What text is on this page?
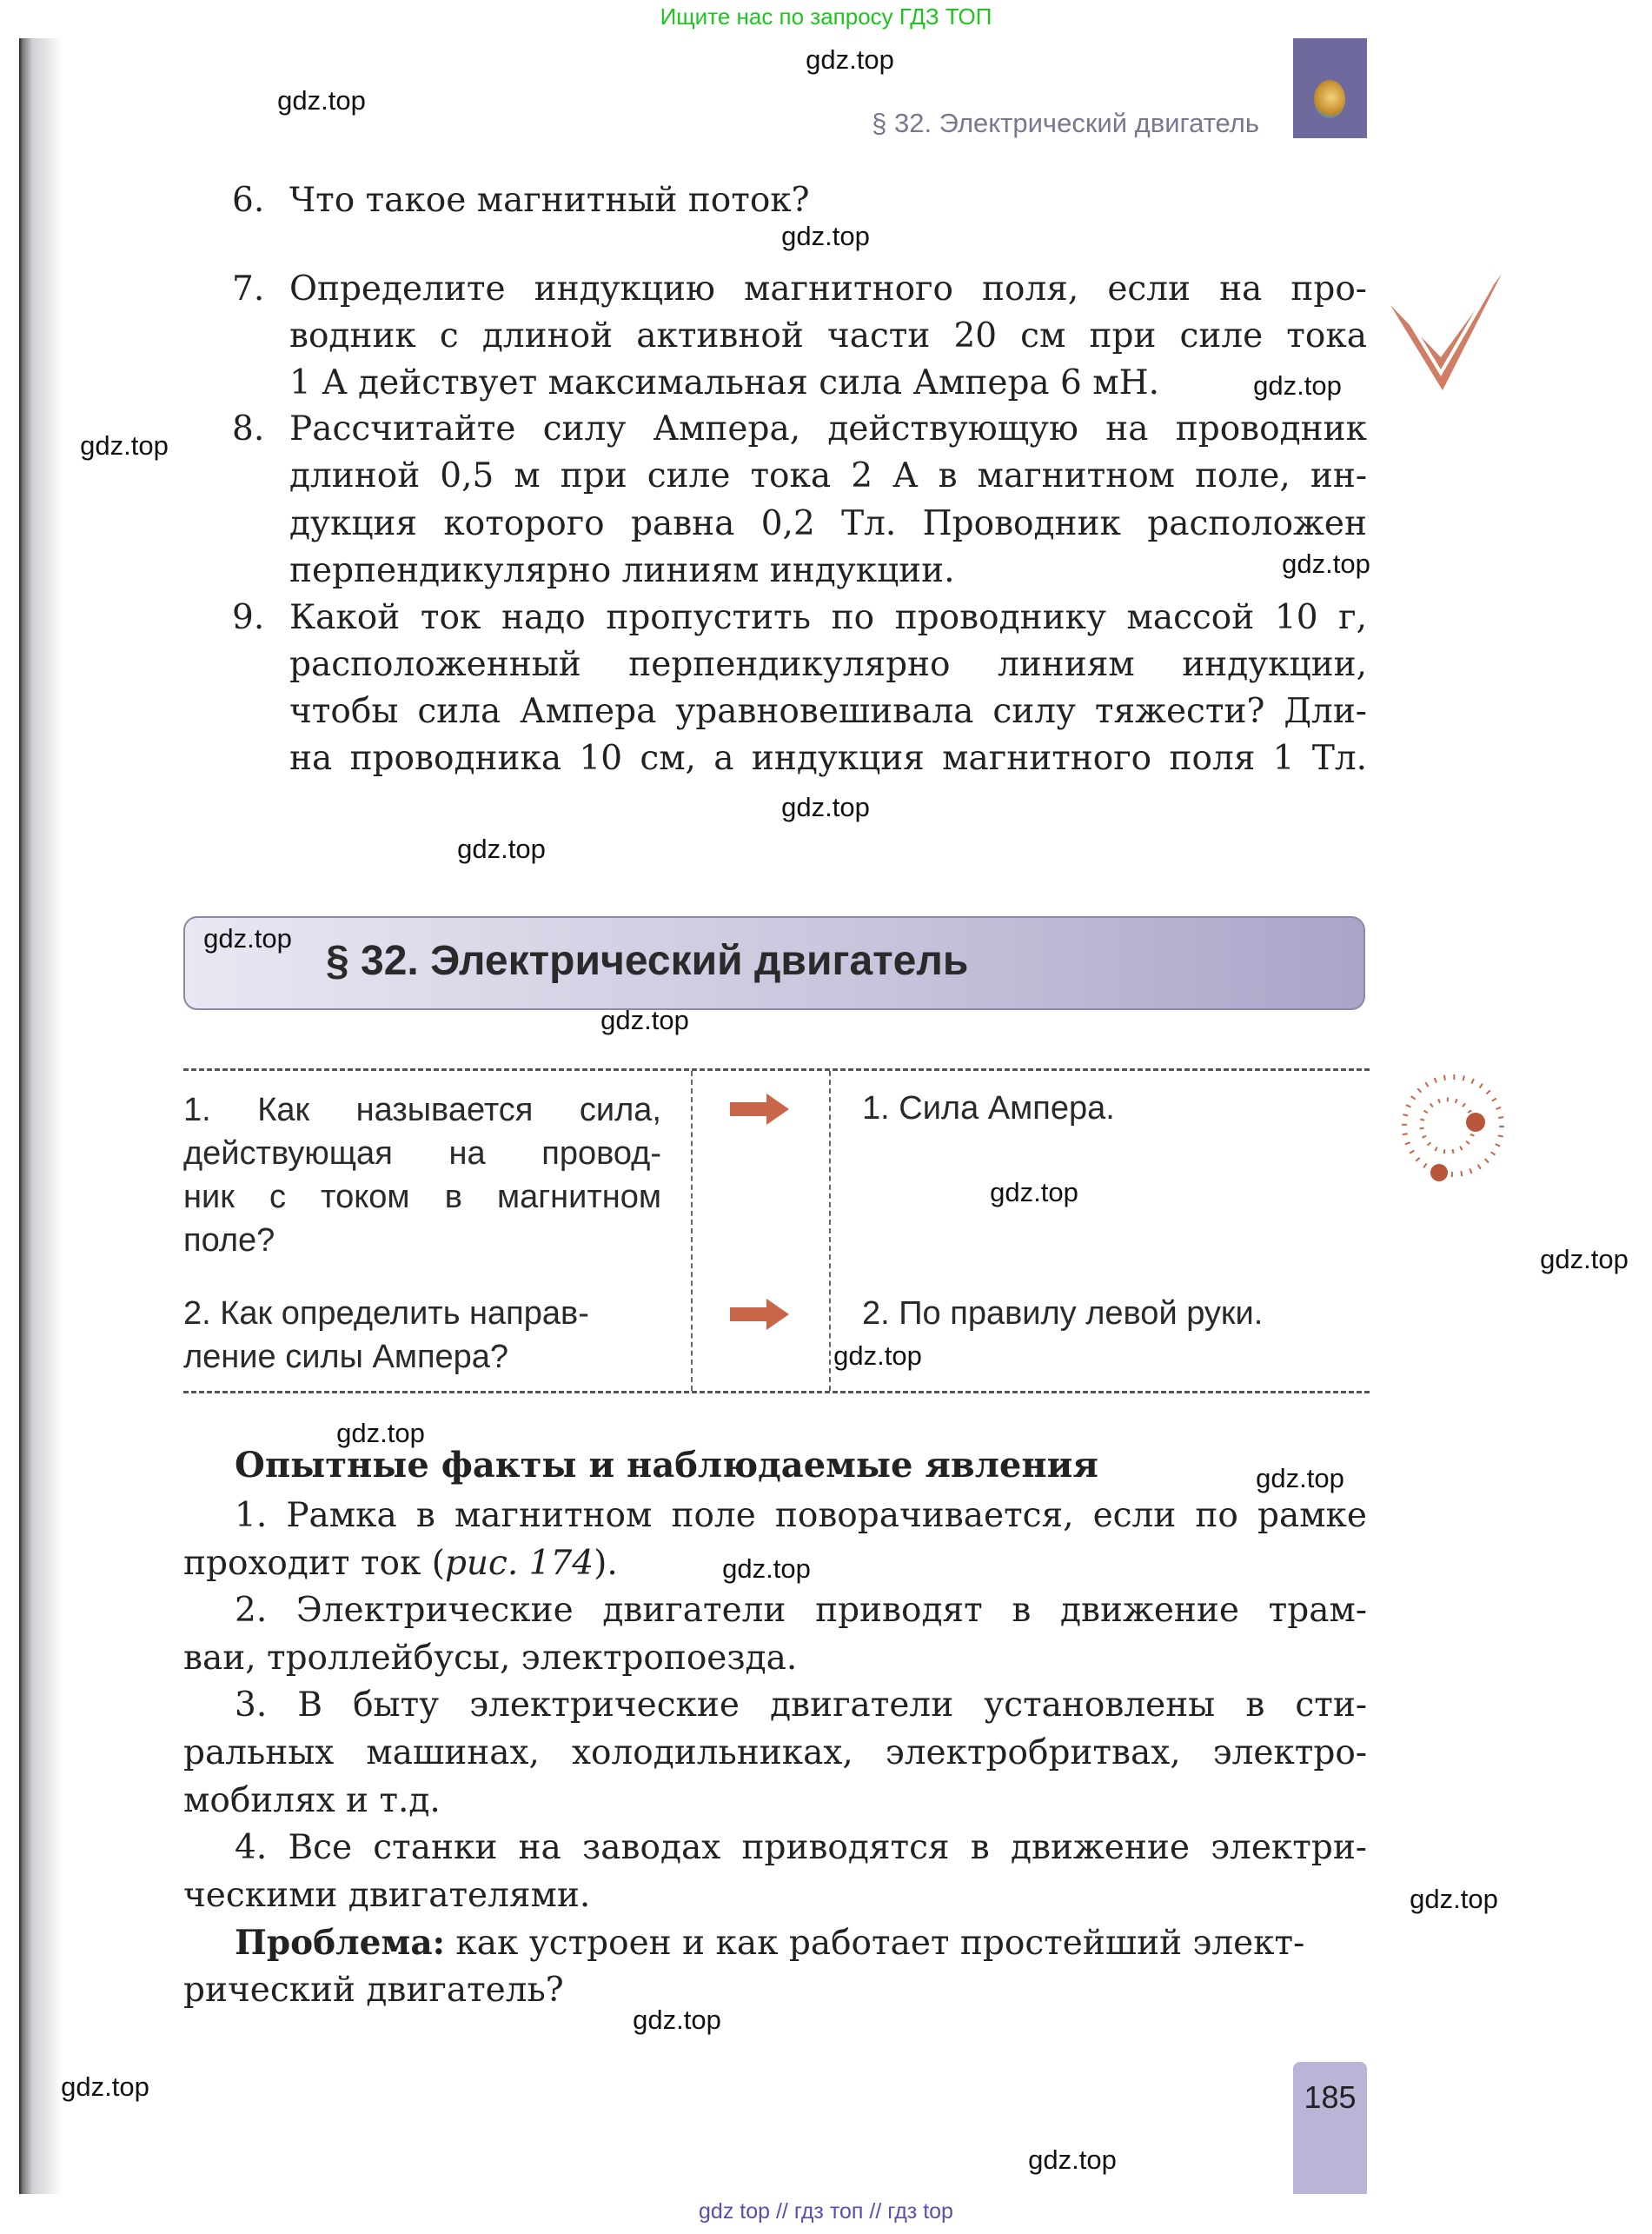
Ищите нас по запросу ГДЗ ТОП
§ 32. Электрический двигатель
6. Что такое магнитный поток?
7. Определите индукцию магнитного поля, если на про-
водник с длиной активной части 20 см при силе тока
1 А действует максимальная сила Ампера 6 мН.
8. Рассчитайте силу Ампера, действующую на проводник
длиной 0,5 м при силе тока 2 А в магнитном поле, ин-
дукция которого равна 0,2 Тл. Проводник расположен
перпендикулярно линиям индукции.
9. Какой ток надо пропустить по проводнику массой 10 г,
расположенный перпендикулярно линиям индукции,
чтобы сила Ампера уравновешивала силу тяжести? Дли-
на проводника 10 см, а индукция магнитного поля 1 Тл.
§ 32. Электрический двигатель
1. Как называется сила,
действующая на провод-
ник с током в магнитном
поле?
1. Сила Ампера.
2. Как определить направ-
ление силы Ампера?
2. По правилу левой руки.
Опытные факты и наблюдаемые явления
1. Рамка в магнитном поле поворачивается, если по рамке
проходит ток (рис. 174).
2. Электрические двигатели приводят в движение трам-
ваи, троллейбусы, электропоезда.
3. В быту электрические двигатели установлены в сти-
ральных машинах, холодильниках, электробритвах, электро-
мобилях и т.д.
4. Все станки на заводах приводятся в движение электри-
ческими двигателями.
Проблема: как устроен и как работает простейший элект-
рический двигатель?
185
gdz.top
gdz.top
gdz.top
gdz.top
gdz.top
gdz.top
gdz.top
gdz.top
gdz.top
gdz.top
gdz.top
gdz.top
gdz.top
gdz.top
gdz.top
gdz.top
gdz.top
gdz.top
gdz.top
gdz.top
gdz top // гдз топ // гдз top
